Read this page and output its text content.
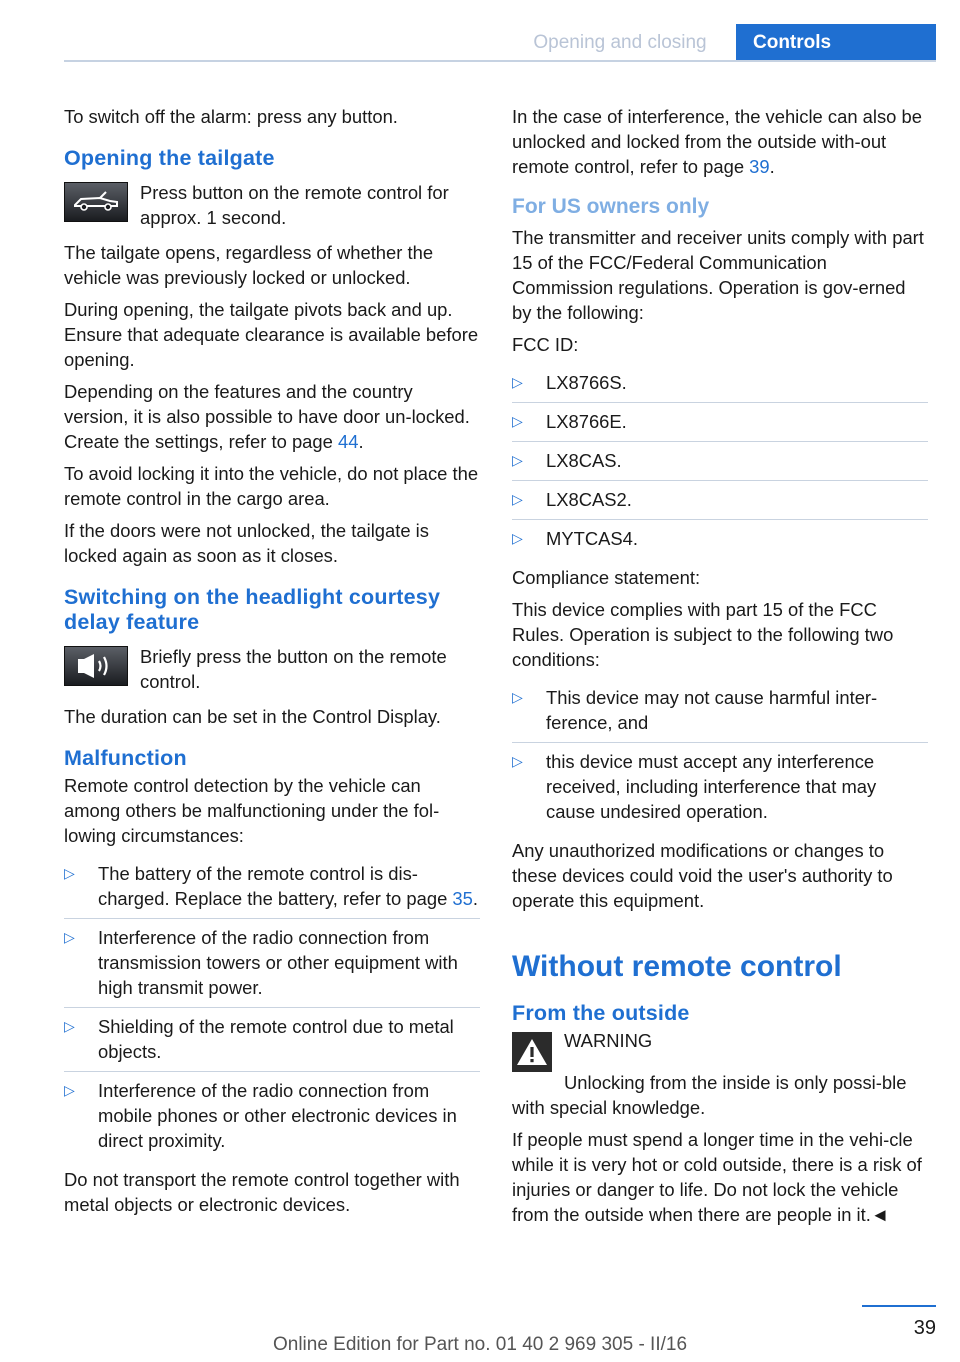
Opening and closing	Controls

To switch off the alarm: press any button.

Opening the tailgate
Press button on the remote control for approx. 1 second.

The tailgate opens, regardless of whether the vehicle was previously locked or unlocked.

During opening, the tailgate pivots back and up. Ensure that adequate clearance is available before opening.

Depending on the features and the country version, it is also possible to have door un‐locked. Create the settings, refer to page 44.

To avoid locking it into the vehicle, do not place the remote control in the cargo area.

If the doors were not unlocked, the tailgate is locked again as soon as it closes.

Switching on the headlight courtesy delay feature
Briefly press the button on the remote control.

The duration can be set in the Control Display.

Malfunction

Remote control detection by the vehicle can among others be malfunctioning under the fol‐lowing circumstances:

▷ The battery of the remote control is dis‐charged. Replace the battery, refer to page 35.
▷ Interference of the radio connection from transmission towers or other equipment with high transmit power.
▷ Shielding of the remote control due to metal objects.
▷ Interference of the radio connection from mobile phones or other electronic devices in direct proximity.

Do not transport the remote control together with metal objects or electronic devices.

In the case of interference, the vehicle can also be unlocked and locked from the outside with‐out remote control, refer to page 39.

For US owners only

The transmitter and receiver units comply with part 15 of the FCC/Federal Communication Commission regulations. Operation is gov‐erned by the following:

FCC ID:

▷ LX8766S.
▷ LX8766E.
▷ LX8CAS.
▷ LX8CAS2.
▷ MYTCAS4.

Compliance statement:

This device complies with part 15 of the FCC Rules. Operation is subject to the following two conditions:

▷ This device may not cause harmful inter‐ference, and
▷ this device must accept any interference received, including interference that may cause undesired operation.

Any unauthorized modifications or changes to these devices could void the user's authority to operate this equipment.

Without remote control
From the outside
WARNING

Unlocking from the inside is only possi‐ble with special knowledge.

If people must spend a longer time in the vehi‐cle while it is very hot or cold outside, there is a risk of injuries or danger to life. Do not lock the vehicle from the outside when there are people in it.◄

39
Online Edition for Part no. 01 40 2 969 305 - II/16
